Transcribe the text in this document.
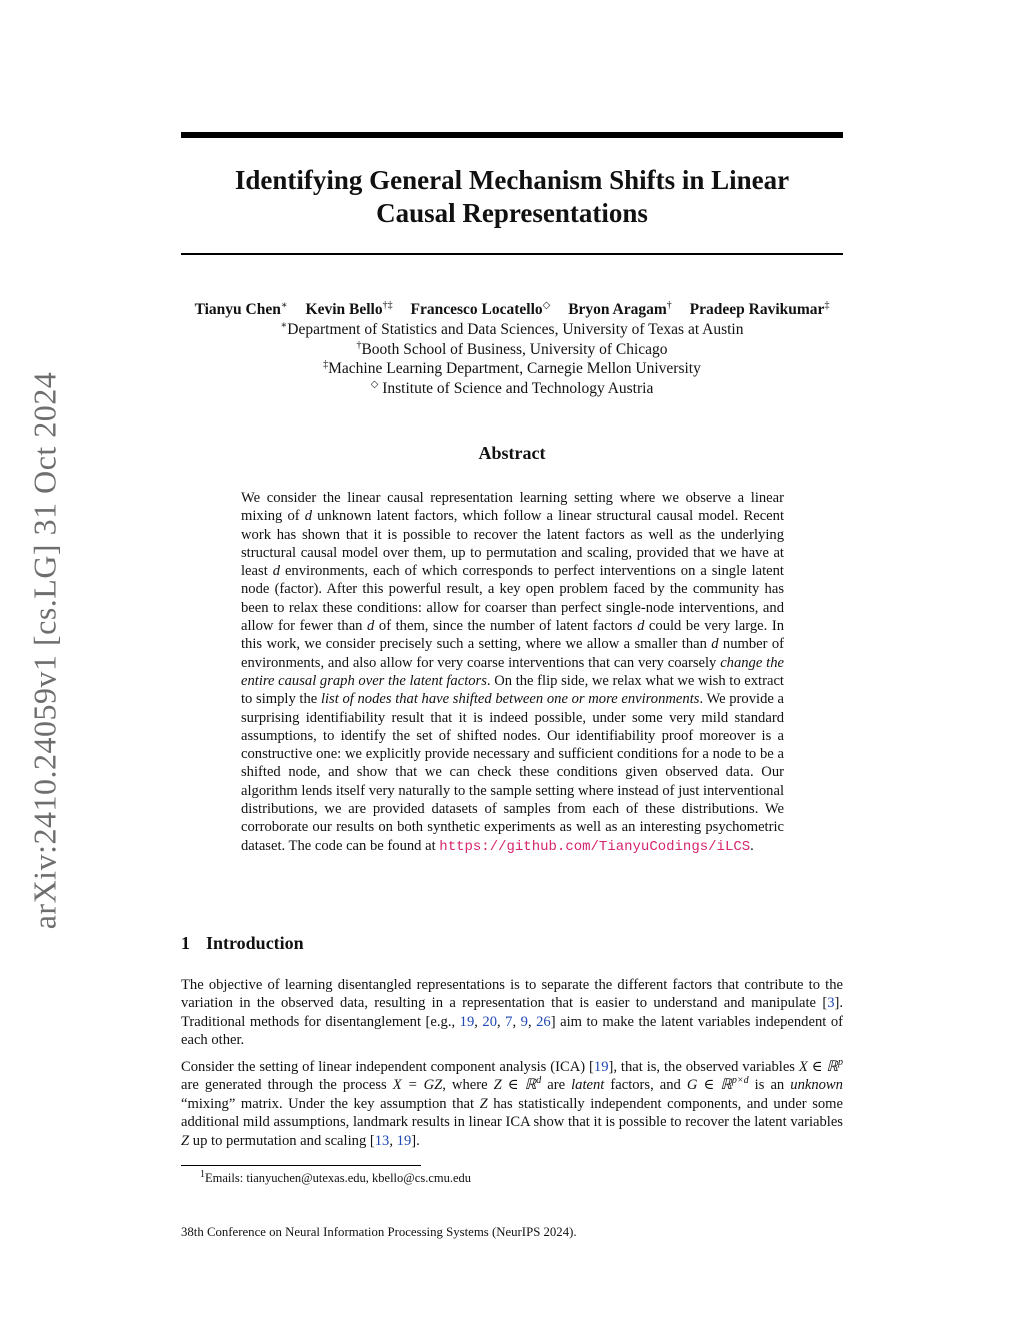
arXiv:2410.24059v1 [cs.LG] 31 Oct 2024
Identifying General Mechanism Shifts in Linear
Causal Representations
Tianyu Chen∗ Kevin Bello†‡ Francesco Locatello◇ Bryon Aragam† Pradeep Ravikumar‡
∗Department of Statistics and Data Sciences, University of Texas at Austin
†Booth School of Business, University of Chicago
‡Machine Learning Department, Carnegie Mellon University
◇ Institute of Science and Technology Austria
Abstract

We consider the linear causal representation learning setting where we observe a linear mixing of d unknown latent factors, which follow a linear structural causal model. Recent work has shown that it is possible to recover the latent factors as well as the underlying structural causal model over them, up to permutation and scaling, provided that we have at least d environments, each of which corresponds to perfect interventions on a single latent node (factor). After this powerful result, a key open problem faced by the community has been to relax these conditions: allow for coarser than perfect single-node interventions, and allow for fewer than d of them, since the number of latent factors d could be very large. In this work, we consider precisely such a setting, where we allow a smaller than d number of environments, and also allow for very coarse interventions that can very coarsely change the entire causal graph over the latent factors. On the flip side, we relax what we wish to extract to simply the list of nodes that have shifted between one or more environments. We provide a surprising identifiability result that it is indeed possible, under some very mild standard assumptions, to identify the set of shifted nodes. Our identifiability proof moreover is a constructive one: we explicitly provide necessary and sufficient conditions for a node to be a shifted node, and show that we can check these conditions given observed data. Our algorithm lends itself very naturally to the sample setting where instead of just interventional distributions, we are provided datasets of samples from each of these distributions. We corroborate our results on both synthetic experiments as well as an interesting psychometric dataset. The code can be found at https://github.com/TianyuCodings/iLCS.

1 Introduction

The objective of learning disentangled representations is to separate the different factors that contribute to the variation in the observed data, resulting in a representation that is easier to understand and manipulate [3]. Traditional methods for disentanglement [e.g., 19, 20, 7, 9, 26] aim to make the latent variables independent of each other.

Consider the setting of linear independent component analysis (ICA) [19], that is, the observed variables X ∈ ℝ$^p$ are generated through the process X = GZ, where Z ∈ ℝ$^d$ are latent factors, and G ∈ ℝ$^{p\times d}$ is an unknown “mixing” matrix. Under the key assumption that Z has statistically independent components, and under some additional mild assumptions, landmark results in linear ICA show that it is possible to recover the latent variables Z up to permutation and scaling [13, 19].

$^1$Emails: tianyuchen@utexas.edu, kbello@cs.cmu.edu

38th Conference on Neural Information Processing Systems (NeurIPS 2024).
